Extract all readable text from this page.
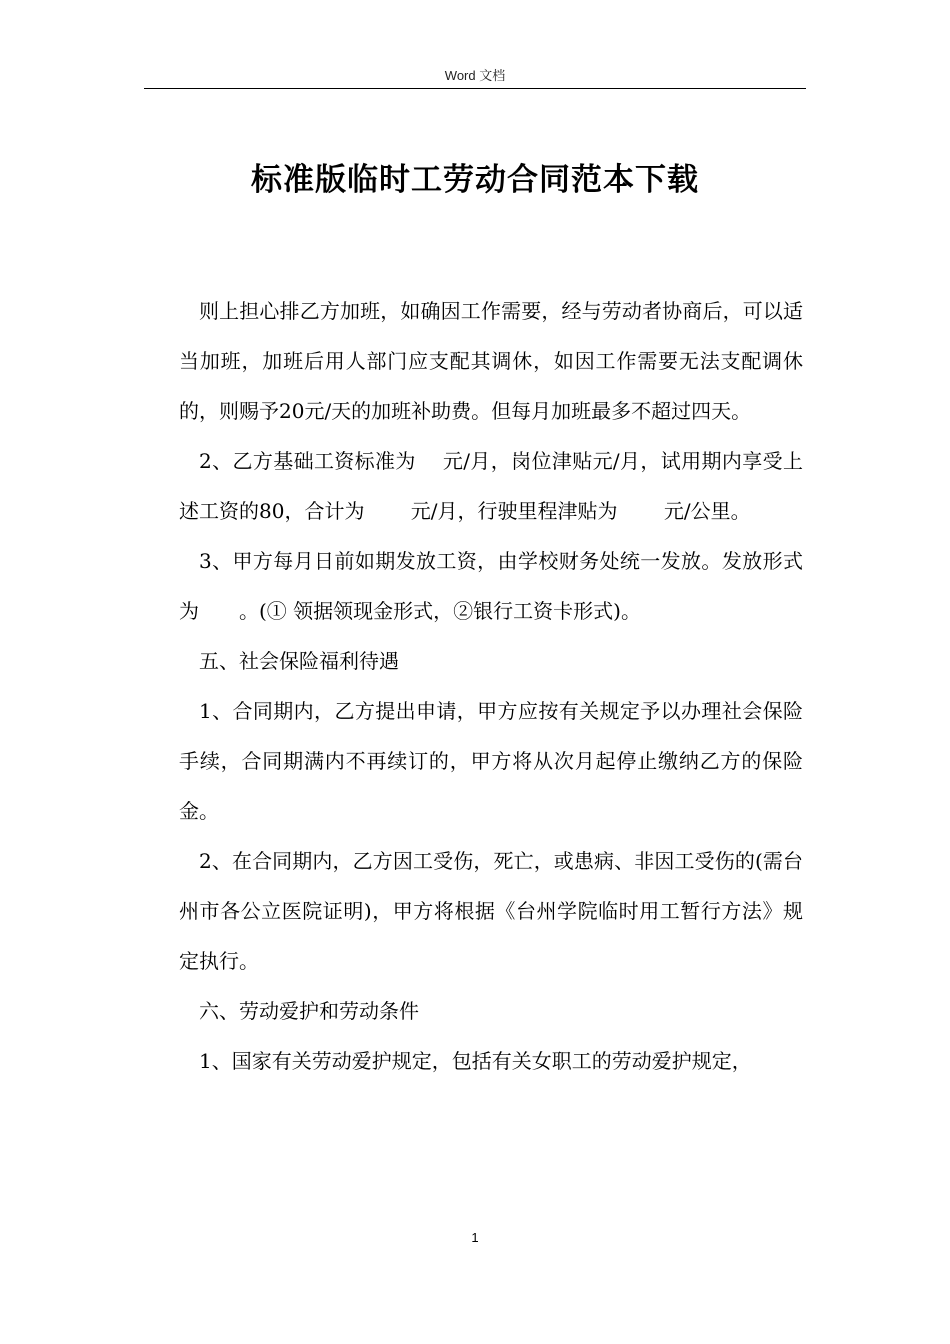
Word 文档
标准版临时工劳动合同范本下载

则上担心排乙方加班，如确因工作需要，经与劳动者协商后，可以适当加班，加班后用人部门应支配其调休，如因工作需要无法支配调休的，则赐予20元/天的加班补助费。但每月加班最多不超过四天。

2、乙方基础工资标准为　 元/月，岗位津贴元/月，试用期内享受上述工资的80，合计为　　 元/月，行驶里程津贴为　　 元/公里。

3、甲方每月日前如期发放工资，由学校财务处统一发放。发放形式为　　。(① 领据领现金形式，②银行工资卡形式)。

五、社会保险福利待遇

1、合同期内，乙方提出申请，甲方应按有关规定予以办理社会保险手续，合同期满内不再续订的，甲方将从次月起停止缴纳乙方的保险金。

2、在合同期内，乙方因工受伤，死亡，或患病、非因工受伤的(需台州市各公立医院证明)，甲方将根据《台州学院临时用工暂行方法》规定执行。

六、劳动爱护和劳动条件

1、国家有关劳动爱护规定，包括有关女职工的劳动爱护规定，

1
